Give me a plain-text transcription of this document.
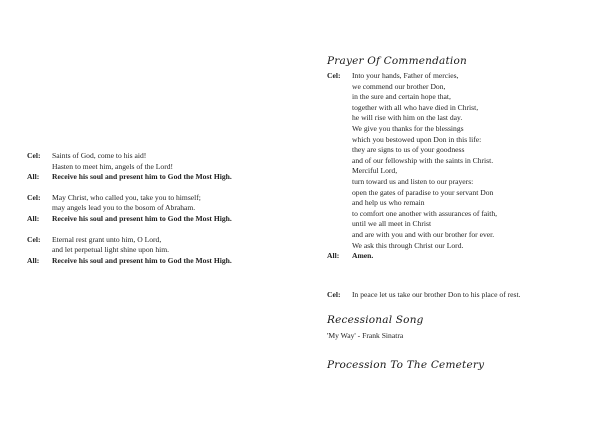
Cel:	Saints of God, come to his aid!
Hasten to meet him, angels of the Lord!
All:	Receive his soul and present him to God the Most High.
Cel:	May Christ, who called you, take you to himself;
may angels lead you to the bosom of Abraham.
All:	Receive his soul and present him to God the Most High.
Cel:	Eternal rest grant unto him, O Lord,
and let perpetual light shine upon him.
All:	Receive his soul and present him to God the Most High.
Prayer Of Commendation
Cel:	Into your hands, Father of mercies,
we commend our brother Don,
in the sure and certain hope that,
together with all who have died in Christ,
he will rise with him on the last day.
We give you thanks for the blessings
which you bestowed upon Don in this life:
they are signs to us of your goodness
and of our fellowship with the saints in Christ.
Merciful Lord,
turn toward us and listen to our prayers:
open the gates of paradise to your servant Don
and help us who remain
to comfort one another with assurances of faith,
until we all meet in Christ
and are with you and with our brother for ever.
We ask this through Christ our Lord.
All:	Amen.
Cel:	In peace let us take our brother Don to his place of rest.
Recessional Song
'My Way' - Frank Sinatra
Procession To The Cemetery
